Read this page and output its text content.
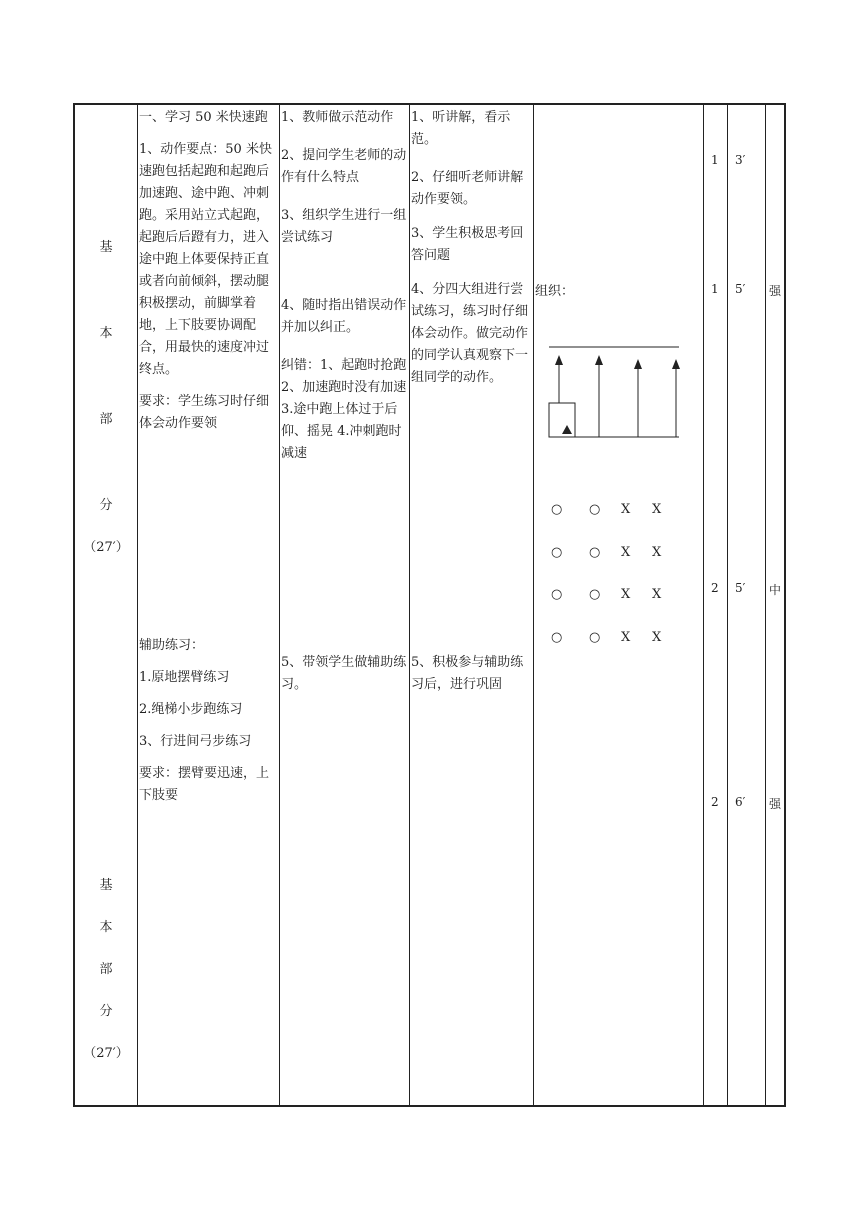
基
本
部
分
（27′）
基
本
部
分
（27′）

一、学习 50 米快速跑

1、动作要点：50 米快速跑包括起跑和起跑后加速跑、途中跑、冲刺跑。采用站立式起跑，起跑后后蹬有力，进入途中跑上体要保持正直或者向前倾斜，摆动腿积极摆动，前脚掌着地，上下肢要协调配合，用最快的速度冲过终点。

要求：学生练习时仔细体会动作要领

辅助练习：

1.原地摆臂练习

2.绳梯小步跑练习

3、行进间弓步练习

要求：摆臂要迅速，上下肢要

1、教师做示范动作

2、提问学生老师的动作有什么特点

3、组织学生进行一组尝试练习

4、随时指出错误动作并加以纠正。

纠错：1、起跑时抢跑 2、加速跑时没有加速 3.途中跑上体过于后仰、摇晃 4.冲刺跑时减速

5、带领学生做辅助练习。

1、听讲解，看示范。

2、仔细听老师讲解动作要领。

3、学生积极思考回答问题

4、分四大组进行尝试练习，练习时仔细体会动作。做完动作的同学认真观察下一组同学的动作。

5、积极参与辅助练习后，进行巩固

组织：
○ ○ X X
○ ○ X X
○ ○ X X
○ ○ X X
1 3′
1 5′ 强
2 5′ 中
2 6′ 强
